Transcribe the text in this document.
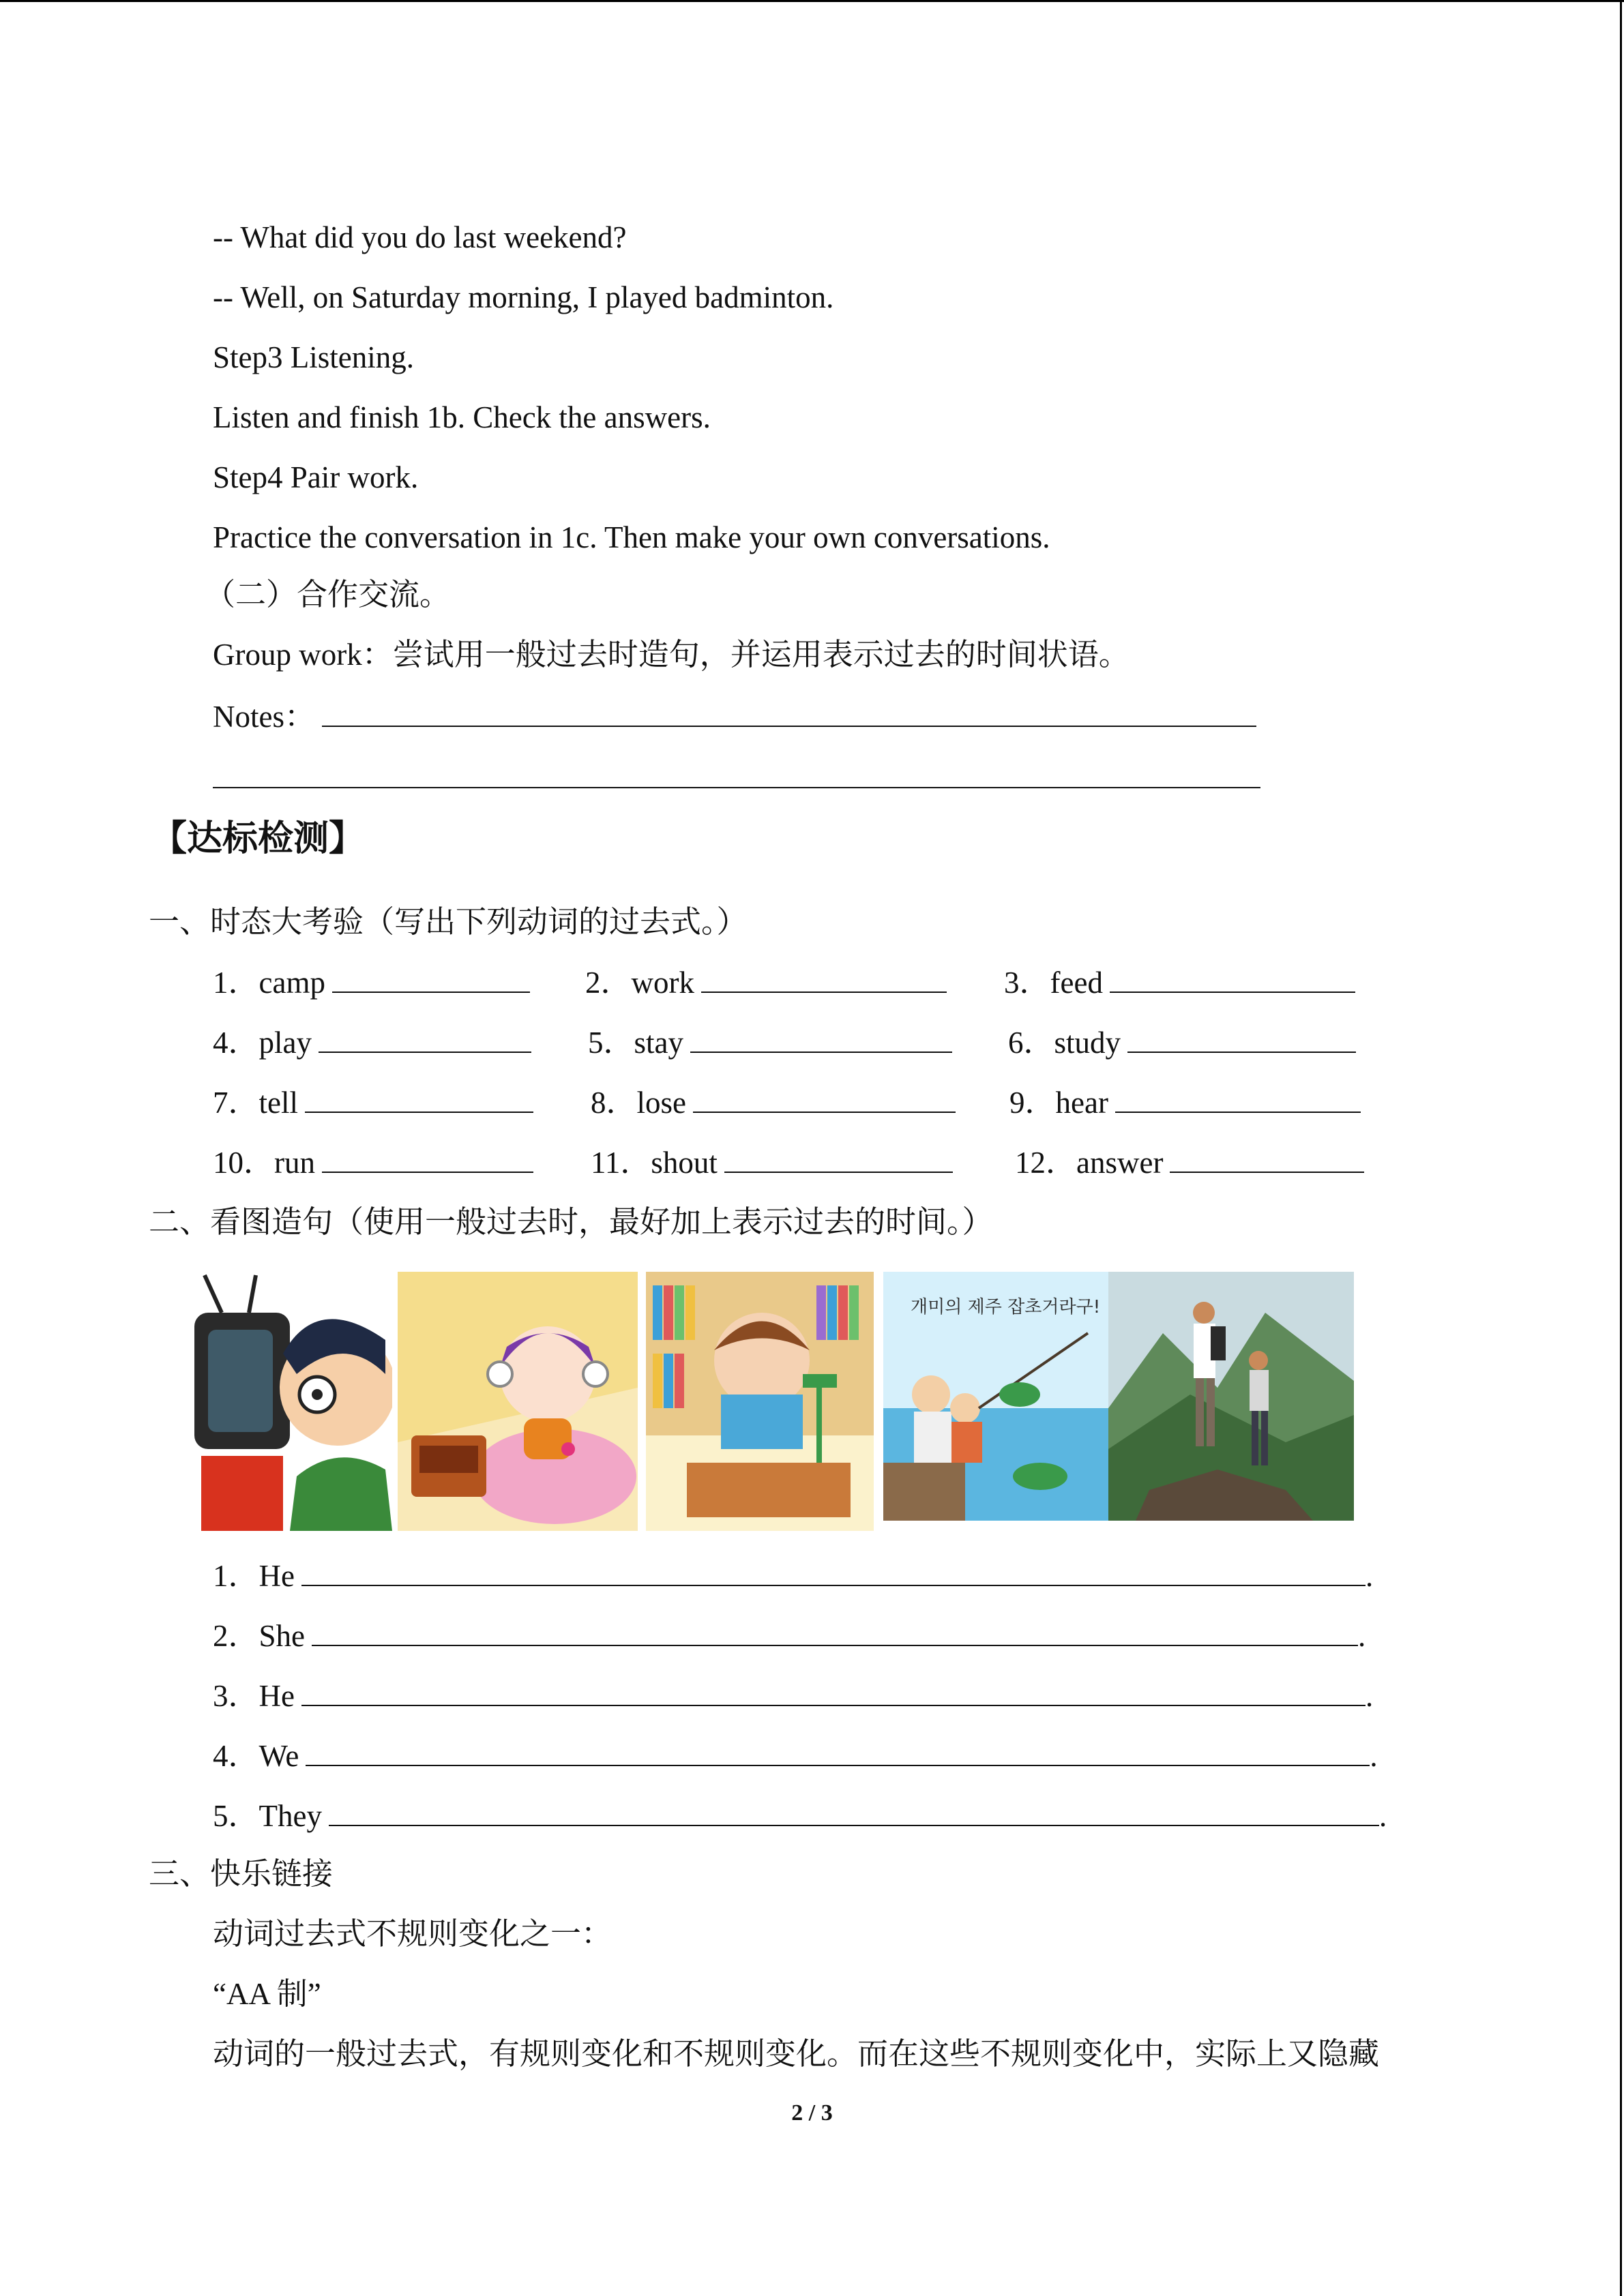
-- What did you do last weekend?
-- Well, on Saturday morning, I played badminton.
Step3 Listening.
Listen and finish 1b. Check the answers.
Step4 Pair work.
Practice the conversation in 1c. Then make your own conversations.
（二）合作交流。
Group work：尝试用一般过去时造句，并运用表示过去的时间状语。
Notes：
【达标检测】
一、时态大考验（写出下列动词的过去式。）
1．camp	2．work	3．feed
4．play	5．stay	6．study
7．tell	8．lose	9．hear
10．run	11．shout	12．answer
二、看图造句（使用一般过去时，最好加上表示过去的时间。）
개미의 제주 잡초거라구!
1．He	.
2．She	.
3．He	.
4．We	.
5．They	.
三、快乐链接
动词过去式不规则变化之一：
“AA 制”
动词的一般过去式，有规则变化和不规则变化。而在这些不规则变化中，实际上又隐藏
2 / 3
